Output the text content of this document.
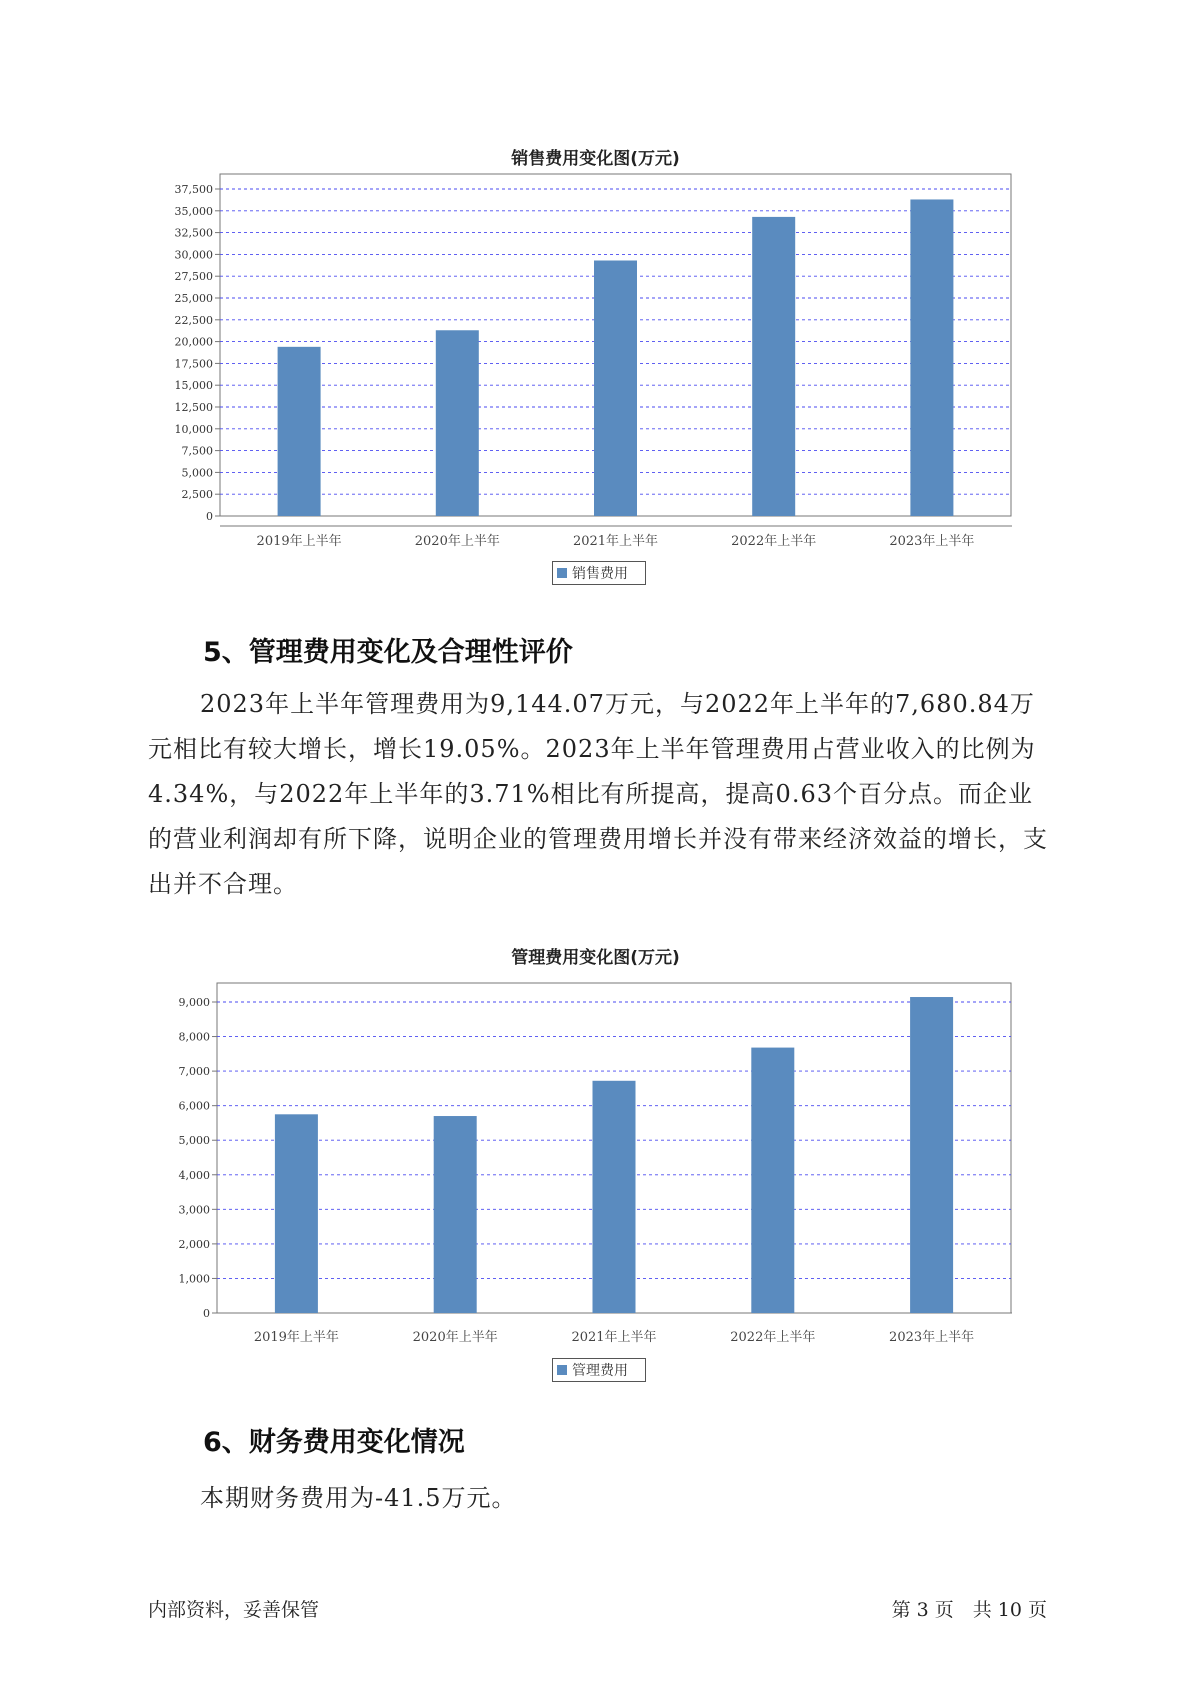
销售费用变化图(万元)
0
2,500
5,000
7,500
10,000
12,500
15,000
17,500
20,000
22,500
25,000
27,500
30,000
32,500
35,000
37,500
2019年上半年	2020年上半年	2021年上半年	2022年上半年	2023年上半年
销售费用
5、管理费用变化及合理性评价

2023年上半年管理费用为9,144.07万元，与2022年上半年的7,680.84万元相比有较大增长，增长19.05%。2023年上半年管理费用占营业收入的比例为4.34%，与2022年上半年的3.71%相比有所提高，提高0.63个百分点。而企业的营业利润却有所下降，说明企业的管理费用增长并没有带来经济效益的增长，支出并不合理。

管理费用变化图(万元)
0
1,000
2,000
3,000
4,000
5,000
6,000
7,000
8,000
9,000
2019年上半年	2020年上半年	2021年上半年	2022年上半年	2023年上半年
管理费用
6、财务费用变化情况

本期财务费用为-41.5万元。

内部资料，妥善保管	第 3 页　共 10 页
